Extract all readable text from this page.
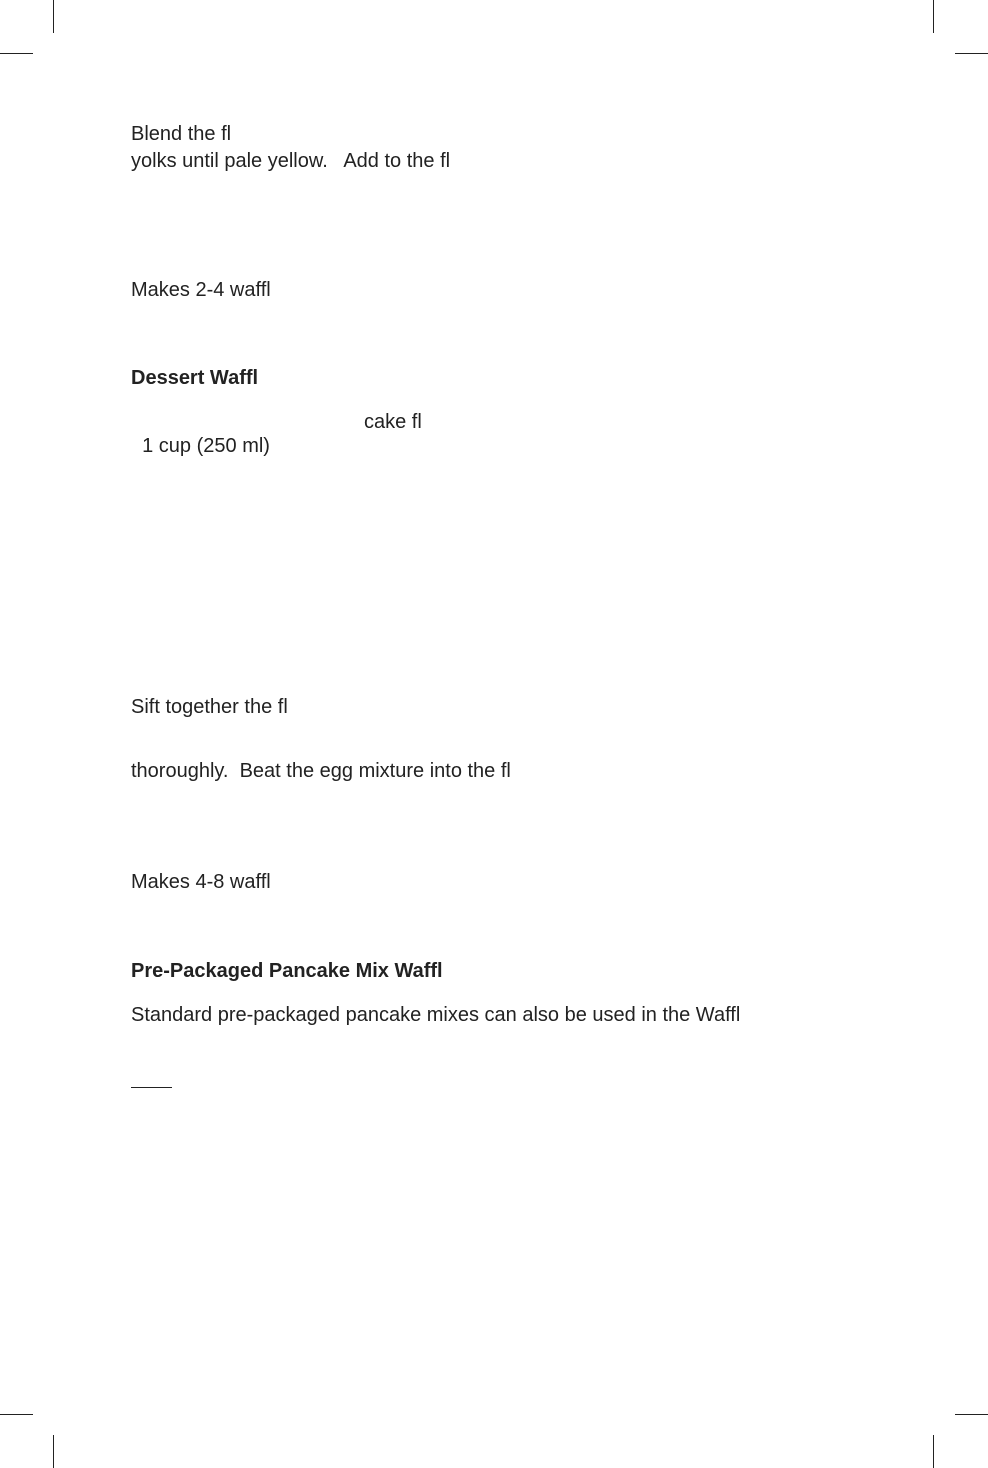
Blend the fl
yolks until pale yellow.   Add to the fl
Makes 2-4 waffl
Dessert Waffl

1 cup (250 ml)

cake fl

Sift together the fl
thoroughly.  Beat the egg mixture into the fl
Makes 4-8 waffl
Pre-Packaged Pancake Mix Waffl
Standard pre-packaged pancake mixes can also be used in the Waffl
